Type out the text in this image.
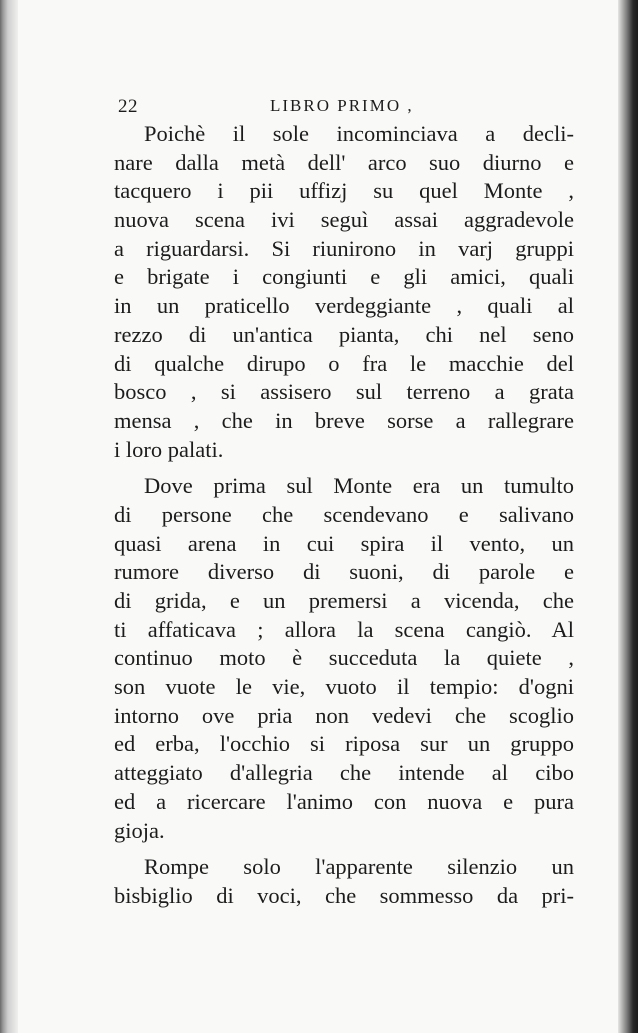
22	LIBRO PRIMO ,
Poichè il sole incominciava a decli-
nare dalla metà dell' arco suo diurno e
tacquero i pii uffizj su quel Monte ,
nuova scena ivi seguì assai aggradevole
a riguardarsi. Si riunirono in varj gruppi
e brigate i congiunti e gli amici, quali
in un praticello verdeggiante , quali al
rezzo di un'antica pianta, chi nel seno
di qualche dirupo o fra le macchie del
bosco , si assisero sul terreno a grata
mensa , che in breve sorse a rallegrare
i loro palati.
Dove prima sul Monte era un tumulto
di persone che scendevano e salivano
quasi arena in cui spira il vento, un
rumore diverso di suoni, di parole e
di grida, e un premersi a vicenda, che
ti affaticava ; allora la scena cangiò. Al
continuo moto è succeduta la quiete ,
son vuote le vie, vuoto il tempio: d'ogni
intorno ove pria non vedevi che scoglio
ed erba, l'occhio si riposa sur un gruppo
atteggiato d'allegria che intende al cibo
ed a ricercare l'animo con nuova e pura
gioja.
Rompe solo l'apparente silenzio un
bisbiglio di voci, che sommesso da pri-
